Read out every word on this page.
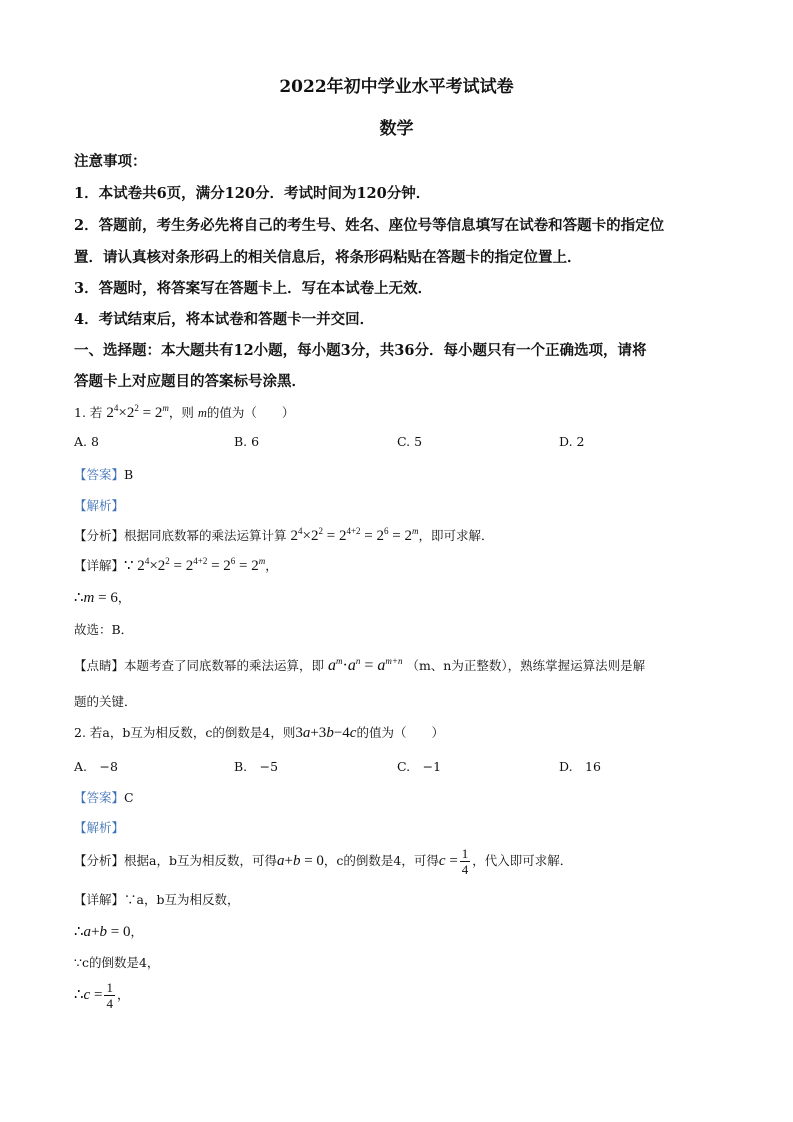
2022年初中学业水平考试试卷
数学
注意事项：
1．本试卷共6页，满分120分．考试时间为120分钟．
2．答题前，考生务必先将自己的考生号、姓名、座位号等信息填写在试卷和答题卡的指定位
置．请认真核对条形码上的相关信息后，将条形码粘贴在答题卡的指定位置上．
3．答题时，将答案写在答题卡上．写在本试卷上无效．
4．考试结束后，将本试卷和答题卡一并交回．
一、选择题：本大题共有12小题，每小题3分，共36分．每小题只有一个正确选项，请将
答题卡上对应题目的答案标号涂黑．
1. 若 $2^4\times 2^2 = 2^m$，则 m的值为（　　）
A. 8	B. 6	C. 5	D. 2
【答案】B
【解析】
【分析】根据同底数幂的乘法运算计算 $2^4\times 2^2 = 2^{4+2} = 2^6 = 2^m$，即可求解．
【详解】∵ $2^4\times 2^2 = 2^{4+2} = 2^6 = 2^m$，
∴m = 6，
故选：B．
【点睛】本题考查了同底数幂的乘法运算，即 $a^m\cdot a^n = a^{m+n}$ （m、n为正整数），熟练掌握运算法则是解
题的关键．
2. 若a，b互为相反数，c的倒数是4，则3a+3b−4c的值为（　　）
A.　−8	B.　−5	C.　−1	D.　16
【答案】C
【解析】
【分析】根据a，b互为相反数，可得a+b = 0，c的倒数是4，可得$c = \frac{1}{4}$ ，代入即可求解．
【详解】∵a，b互为相反数，
∴a+b = 0，
∵c的倒数是4，
∴c = $\frac{1}{4}$ ，
